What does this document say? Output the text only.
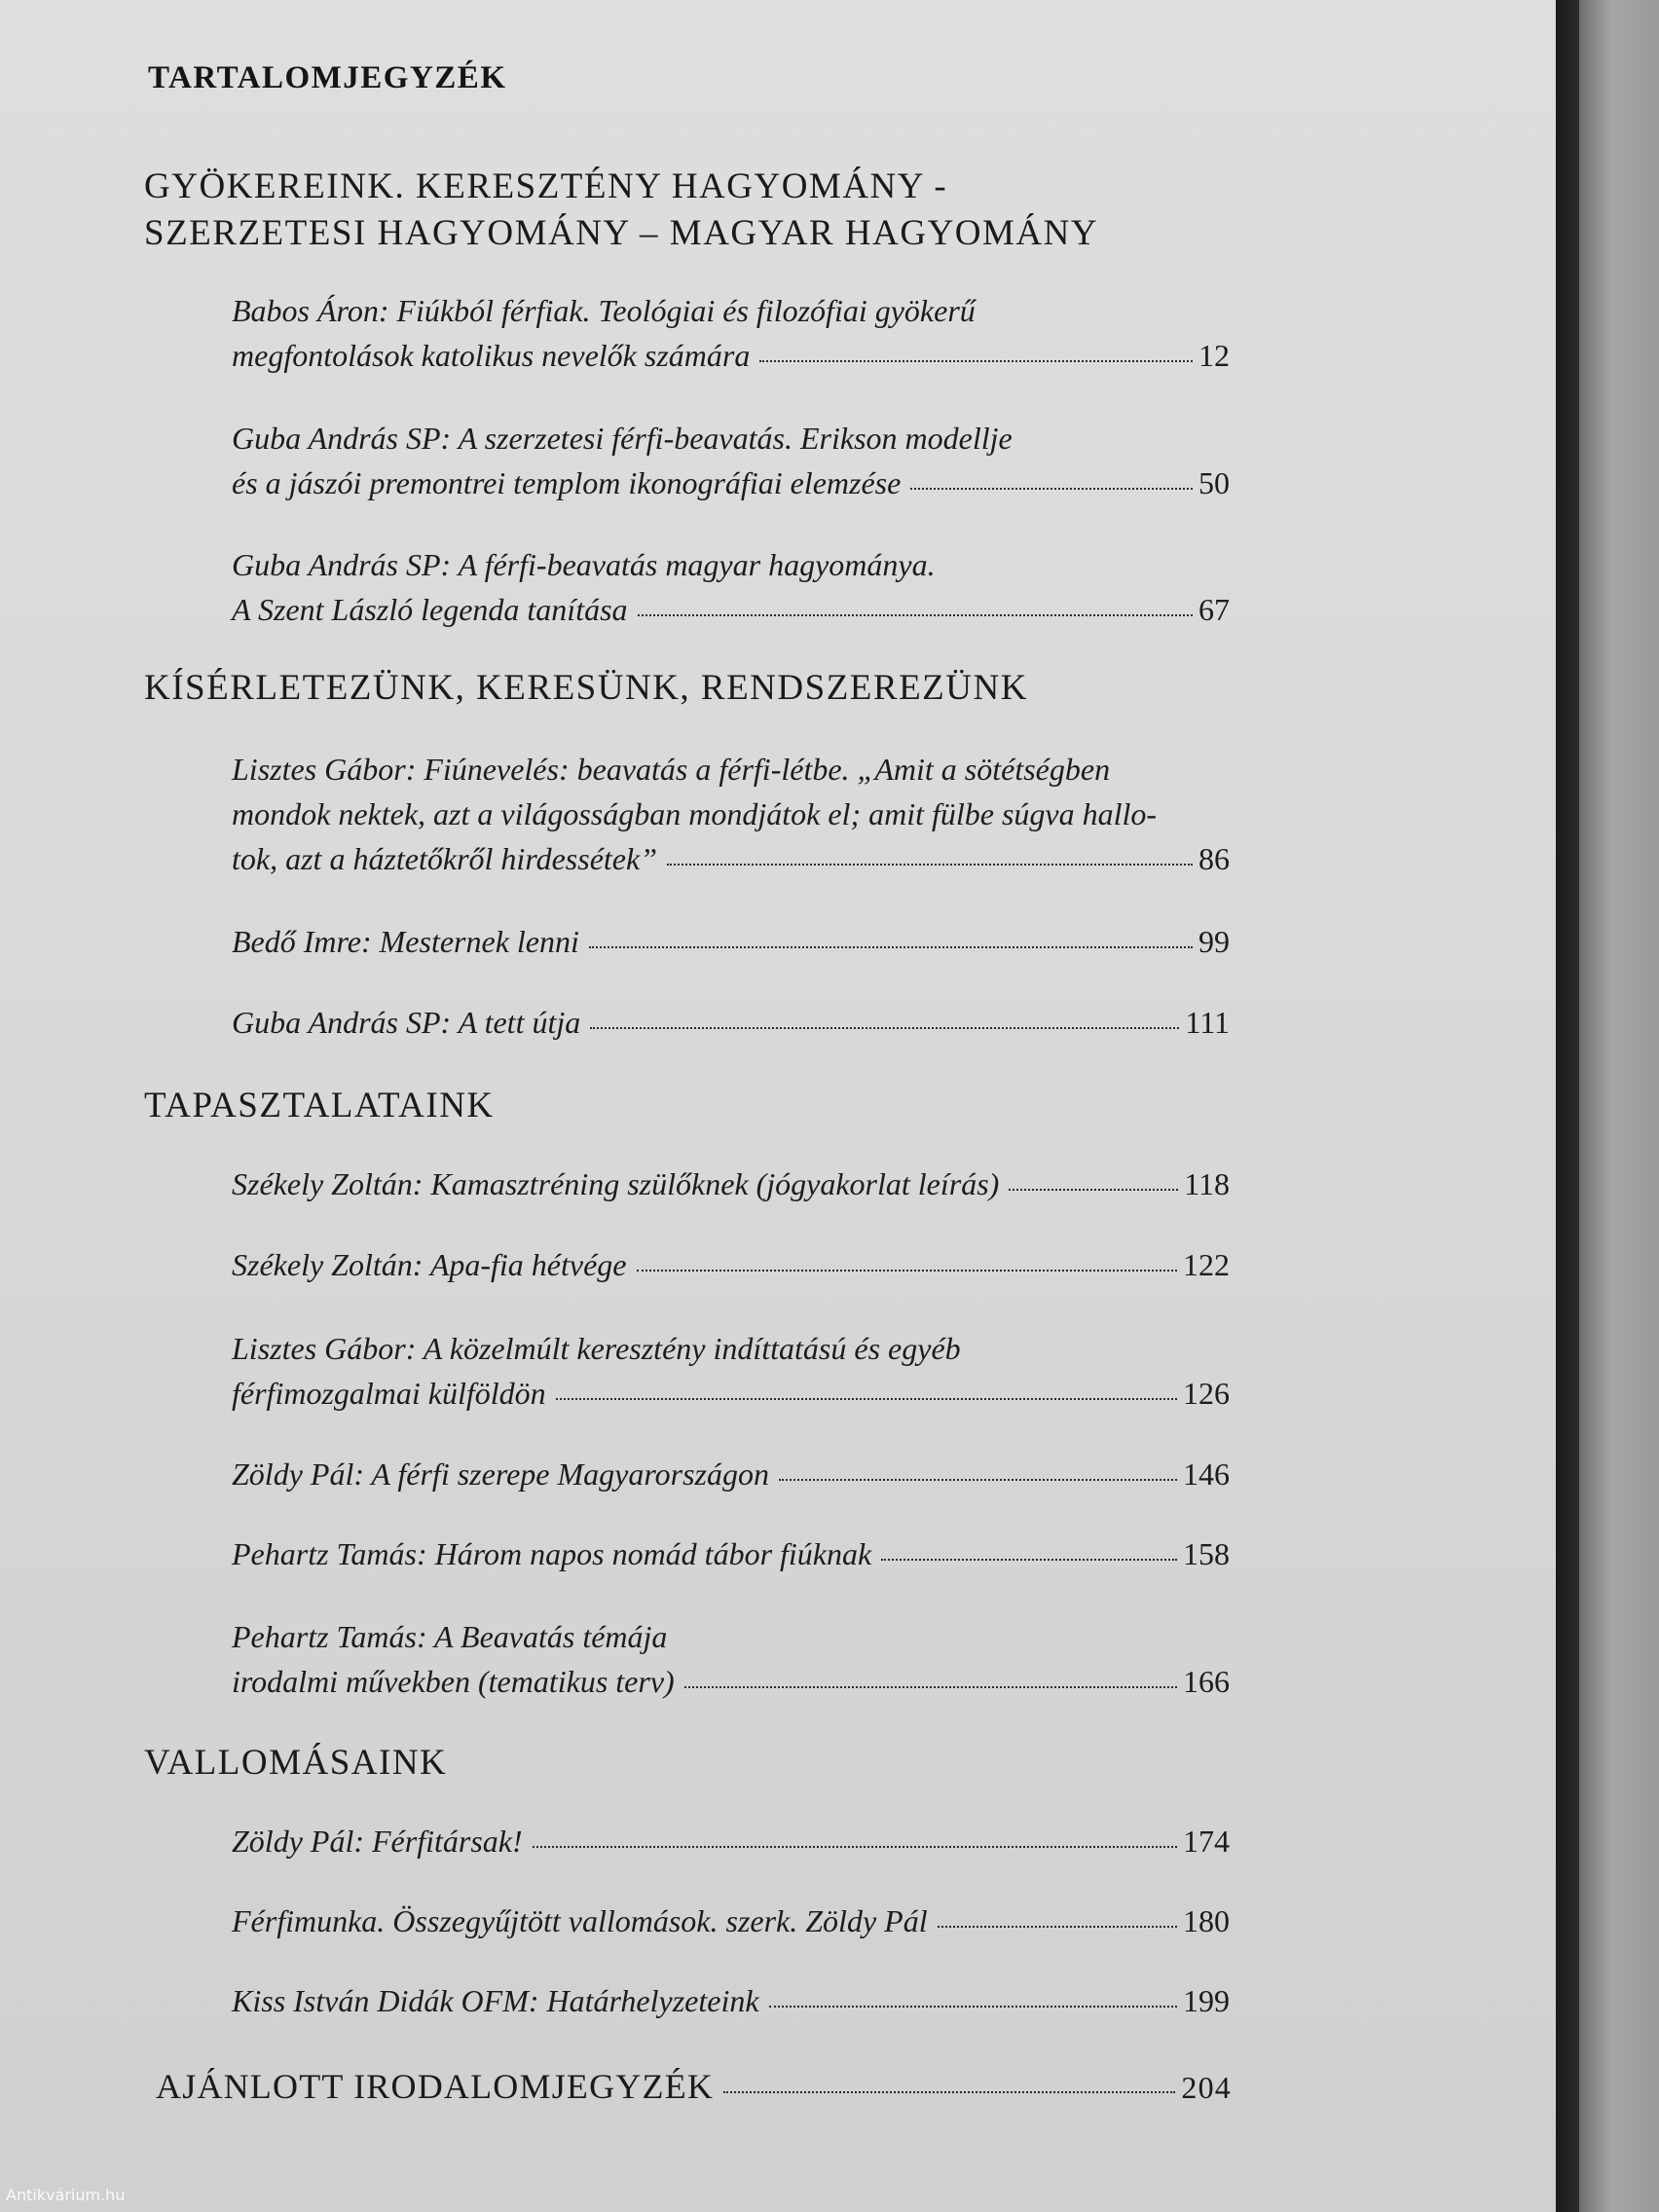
TARTALOMJEGYZÉK
GYÖKEREINK. KERESZTÉNY HAGYOMÁNY -
SZERZETESI HAGYOMÁNY – MAGYAR HAGYOMÁNY
Babos Áron: Fiúkból férfiak. Teológiai és filozófiai gyökerű
megfontolások katolikus nevelők számára	12
Guba András SP: A szerzetesi férfi-beavatás. Erikson modellje
és a jászói premontrei templom ikonográfiai elemzése	50
Guba András SP: A férfi-beavatás magyar hagyománya.
A Szent László legenda tanítása	67
KÍSÉRLETEZÜNK, KERESÜNK, RENDSZEREZÜNK
Lisztes Gábor: Fiúnevelés: beavatás a férfi-létbe. „Amit a sötétségben
mondok nektek, azt a világosságban mondjátok el; amit fülbe súgva hallo-
tok, azt a háztetőkről hirdessétek”	86
Bedő Imre: Mesternek lenni	99
Guba András SP: A tett útja	111
TAPASZTALATAINK
Székely Zoltán: Kamasztréning szülőknek (jógyakorlat leírás)	118
Székely Zoltán: Apa-fia hétvége	122
Lisztes Gábor: A közelmúlt keresztény indíttatású és egyéb
férfimozgalmai külföldön	126
Zöldy Pál: A férfi szerepe Magyarországon	146
Pehartz Tamás: Három napos nomád tábor fiúknak	158
Pehartz Tamás: A Beavatás témája
irodalmi művekben (tematikus terv)	166
VALLOMÁSAINK
Zöldy Pál: Férfitársak!	174
Férfimunka. Összegyűjtött vallomások. szerk. Zöldy Pál	180
Kiss István Didák OFM: Határhelyzeteink	199
AJÁNLOTT IRODALOMJEGYZÉK	204
Antikvárium.hu
